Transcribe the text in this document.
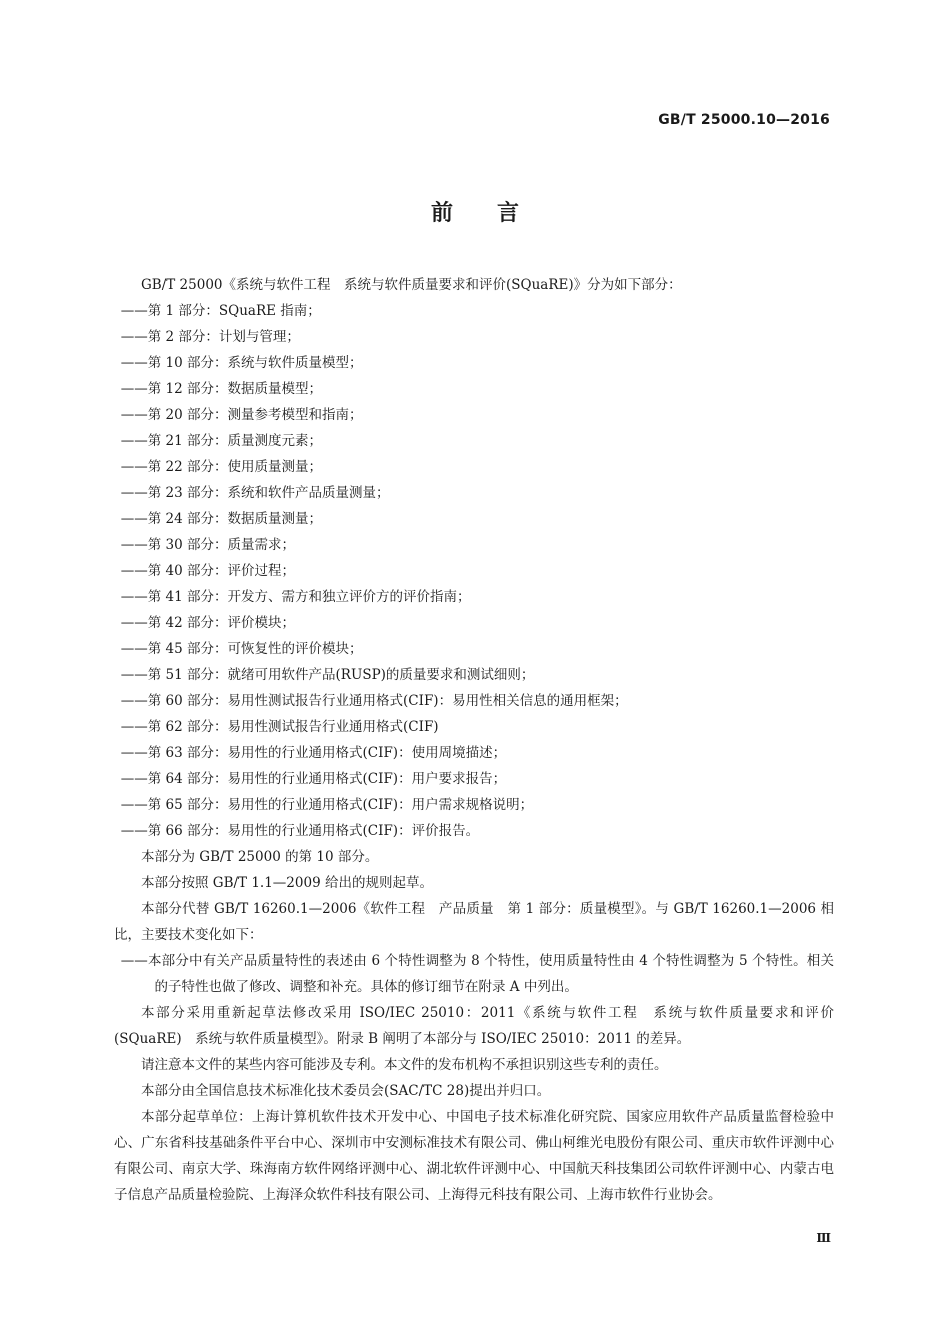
GB/T 25000.10—2016
前言

GB/T 25000《系统与软件工程　系统与软件质量要求和评价(SQuaRE)》分为如下部分：

——第 1 部分：SQuaRE 指南；

——第 2 部分：计划与管理；

——第 10 部分：系统与软件质量模型；

——第 12 部分：数据质量模型；

——第 20 部分：测量参考模型和指南；

——第 21 部分：质量测度元素；

——第 22 部分：使用质量测量；

——第 23 部分：系统和软件产品质量测量；

——第 24 部分：数据质量测量；

——第 30 部分：质量需求；

——第 40 部分：评价过程；

——第 41 部分：开发方、需方和独立评价方的评价指南；

——第 42 部分：评价模块；

——第 45 部分：可恢复性的评价模块；

——第 51 部分：就绪可用软件产品(RUSP)的质量要求和测试细则；

——第 60 部分：易用性测试报告行业通用格式(CIF)：易用性相关信息的通用框架；

——第 62 部分：易用性测试报告行业通用格式(CIF)

——第 63 部分：易用性的行业通用格式(CIF)：使用周境描述；

——第 64 部分：易用性的行业通用格式(CIF)：用户要求报告；

——第 65 部分：易用性的行业通用格式(CIF)：用户需求规格说明；

——第 66 部分：易用性的行业通用格式(CIF)：评价报告。

本部分为 GB/T 25000 的第 10 部分。

本部分按照 GB/T 1.1—2009 给出的规则起草。

本部分代替 GB/T 16260.1—2006《软件工程　产品质量　第 1 部分：质量模型》。与 GB/T 16260.1—2006 相比，主要技术变化如下：

——本部分中有关产品质量特性的表述由 6 个特性调整为 8 个特性，使用质量特性由 4 个特性调整为 5 个特性。相关的子特性也做了修改、调整和补充。具体的修订细节在附录 A 中列出。

本部分采用重新起草法修改采用 ISO/IEC 25010：2011《系统与软件工程　系统与软件质量要求和评价(SQuaRE)　系统与软件质量模型》。附录 B 阐明了本部分与 ISO/IEC 25010：2011 的差异。

请注意本文件的某些内容可能涉及专利。本文件的发布机构不承担识别这些专利的责任。

本部分由全国信息技术标准化技术委员会(SAC/TC 28)提出并归口。

本部分起草单位：上海计算机软件技术开发中心、中国电子技术标准化研究院、国家应用软件产品质量监督检验中心、广东省科技基础条件平台中心、深圳市中安测标准技术有限公司、佛山柯维光电股份有限公司、重庆市软件评测中心有限公司、南京大学、珠海南方软件网络评测中心、湖北软件评测中心、中国航天科技集团公司软件评测中心、内蒙古电子信息产品质量检验院、上海泽众软件科技有限公司、上海得元科技有限公司、上海市软件行业协会。

Ⅲ
